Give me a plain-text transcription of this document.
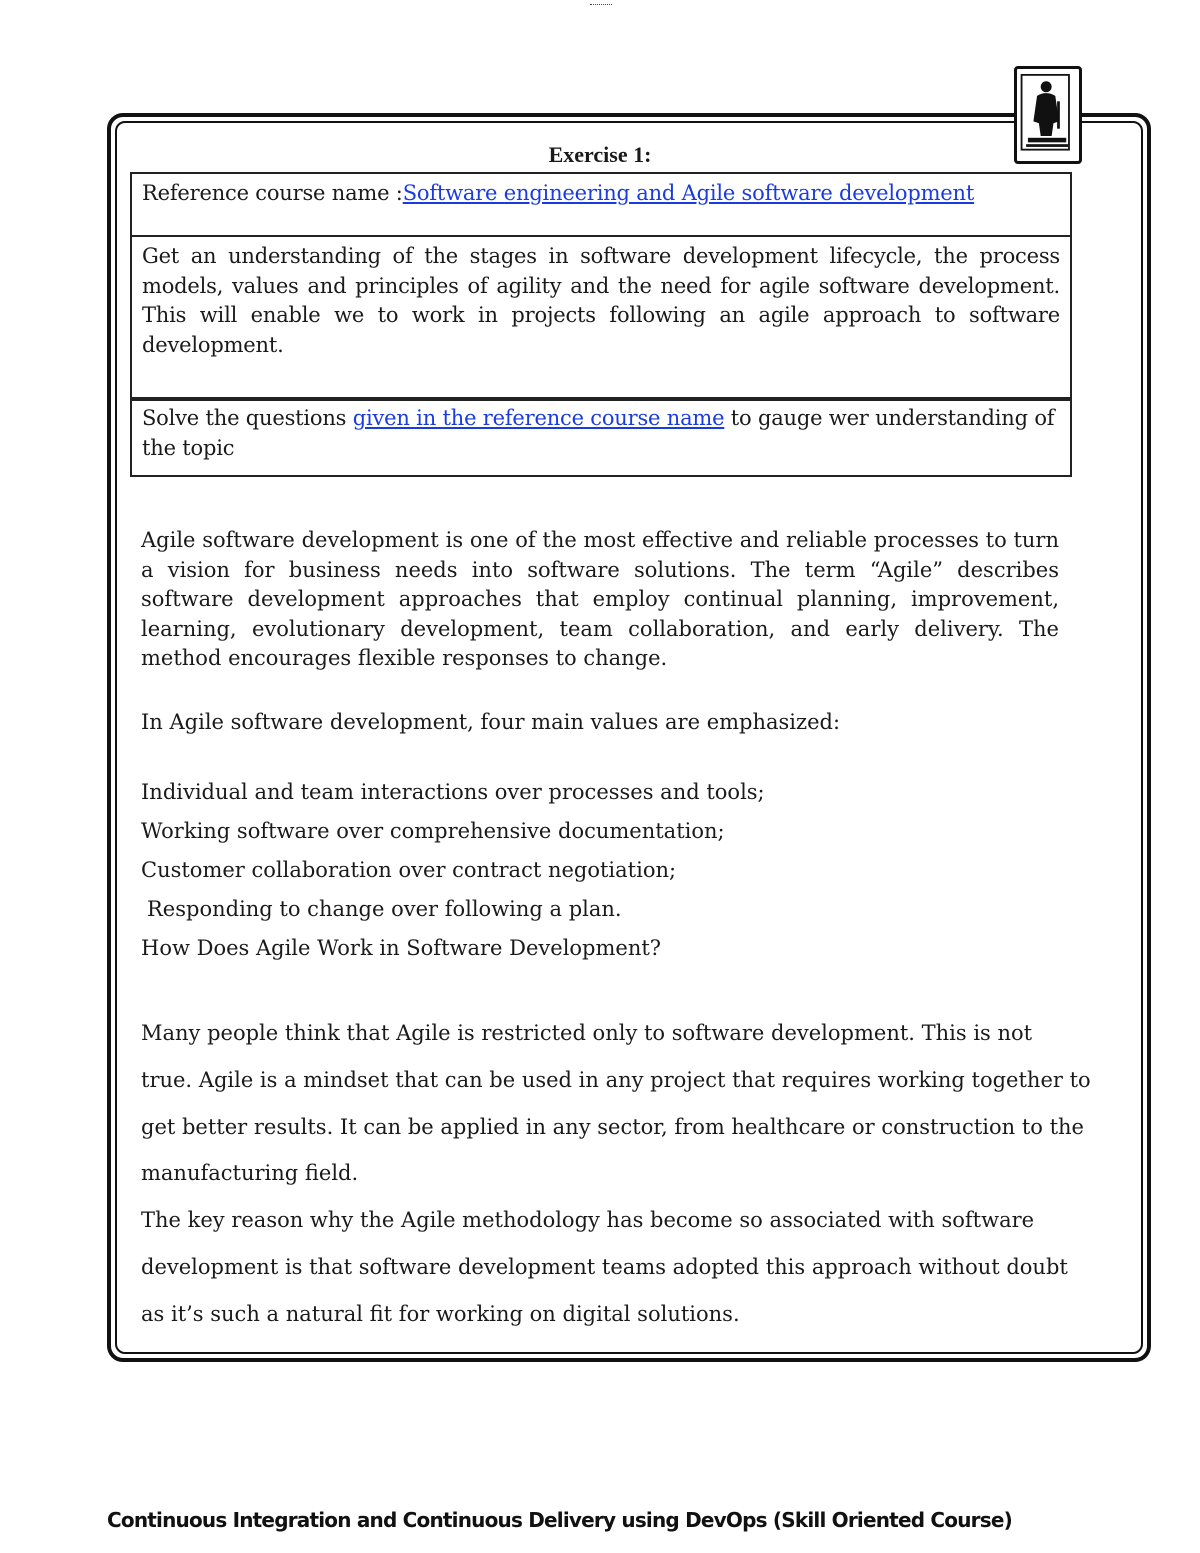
Exercise 1:
Reference course name :Software engineering and Agile software development
Get an understanding of the stages in software development lifecycle, the process models, values and principles of agility and the need for agile software development. This will enable we to work in projects following an agile approach to software development.
Solve the questions given in the reference course name to gauge wer understanding of the topic
Agile software development is one of the most effective and reliable processes to turn a vision for business needs into software solutions. The term “Agile” describes software development approaches that employ continual planning, improvement, learning, evolutionary development, team collaboration, and early delivery. The method encourages flexible responses to change.
In Agile software development, four main values are emphasized:
Individual and team interactions over processes and tools;
Working software over comprehensive documentation;
Customer collaboration over contract negotiation;
Responding to change over following a plan.
How Does Agile Work in Software Development?
Many people think that Agile is restricted only to software development. This is not
true. Agile is a mindset that can be used in any project that requires working together to
get better results. It can be applied in any sector, from healthcare or construction to the
manufacturing field.
The key reason why the Agile methodology has become so associated with software
development is that software development teams adopted this approach without doubt
as it’s such a natural fit for working on digital solutions.
Continuous Integration and Continuous Delivery using DevOps (Skill Oriented Course)
